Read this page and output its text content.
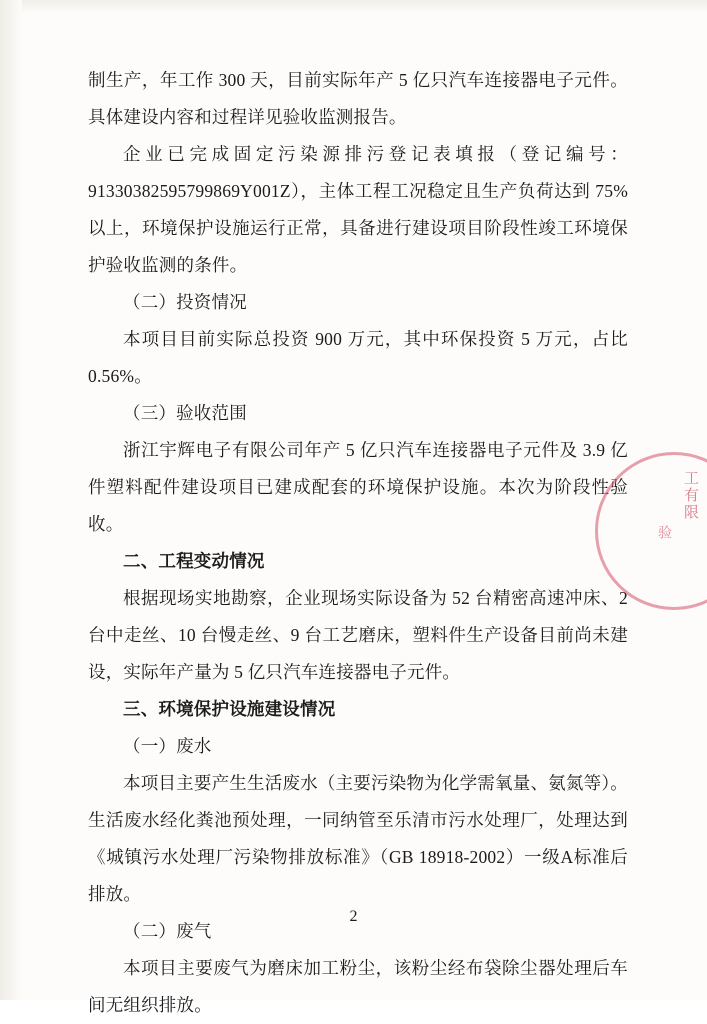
制生产，年工作 300 天，目前实际年产 5 亿只汽车连接器电子元件。具体建设内容和过程详见验收监测报告。

企业已完成固定污染源排污登记表填报（登记编号：91330382595799869Y001Z），主体工程工况稳定且生产负荷达到 75%以上，环境保护设施运行正常，具备进行建设项目阶段性竣工环境保护验收监测的条件。

（二）投资情况

本项目目前实际总投资 900 万元，其中环保投资 5 万元，占比 0.56%。

（三）验收范围

浙江宇辉电子有限公司年产 5 亿只汽车连接器电子元件及 3.9 亿件塑料配件建设项目已建成配套的环境保护设施。本次为阶段性验收。

二、工程变动情况

根据现场实地勘察，企业现场实际设备为 52 台精密高速冲床、2 台中走丝、10 台慢走丝、9 台工艺磨床，塑料件生产设备目前尚未建设，实际年产量为 5 亿只汽车连接器电子元件。

三、环境保护设施建设情况

（一）废水

本项目主要产生生活废水（主要污染物为化学需氧量、氨氮等）。生活废水经化粪池预处理，一同纳管至乐清市污水处理厂，处理达到《城镇污水处理厂污染物排放标准》（GB 18918-2002）一级A标准后排放。

（二）废气

本项目主要废气为磨床加工粉尘，该粉尘经布袋除尘器处理后车间无组织排放。

工有限
验
2
